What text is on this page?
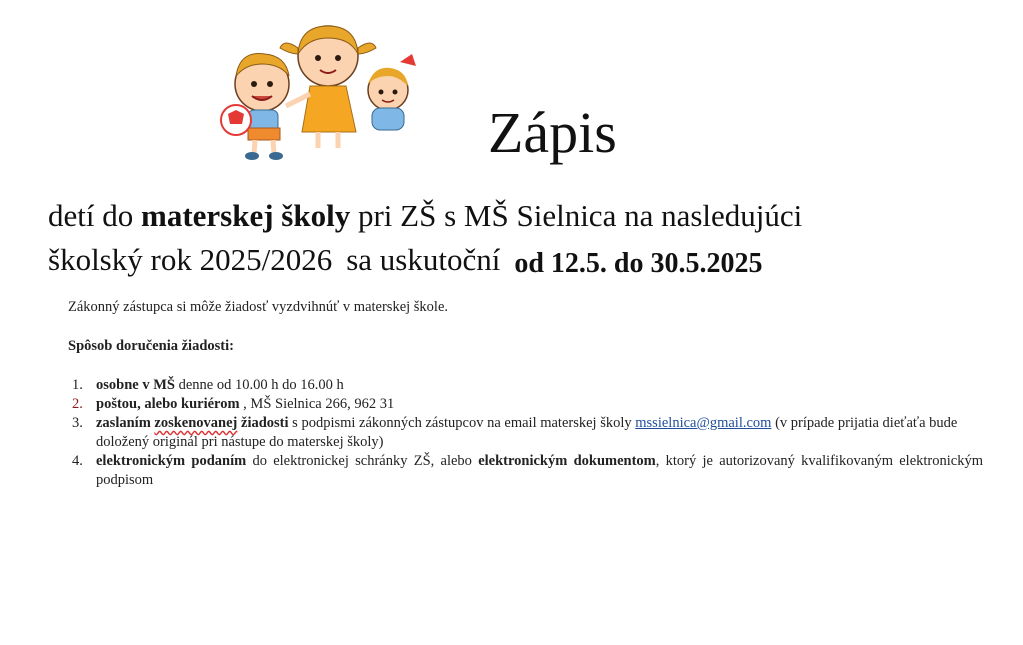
Zápis
detí do materskej školy pri ZŠ s MŠ Sielnica na nasledujúci
školský rok 2025/2026 sa uskutoční od 12.5. do 30.5.2025

Zákonný zástupca si môže žiadosť vyzdvihnúť v materskej škole.

Spôsob doručenia žiadosti:

1. osobne v MŠ denne od 10.00 h do 16.00 h
2. poštou, alebo kuriérom , MŠ Sielnica 266, 962 31
3. zaslaním zoskenovanej žiadosti s podpismi zákonných zástupcov na email materskej školy mssielnica@gmail.com (v prípade prijatia dieťaťa bude doložený originál pri nástupe do materskej školy)
4. elektronickým podaním do elektronickej schránky ZŠ, alebo elektronickým dokumentom, ktorý je autorizovaný kvalifikovaným elektronickým podpisom
